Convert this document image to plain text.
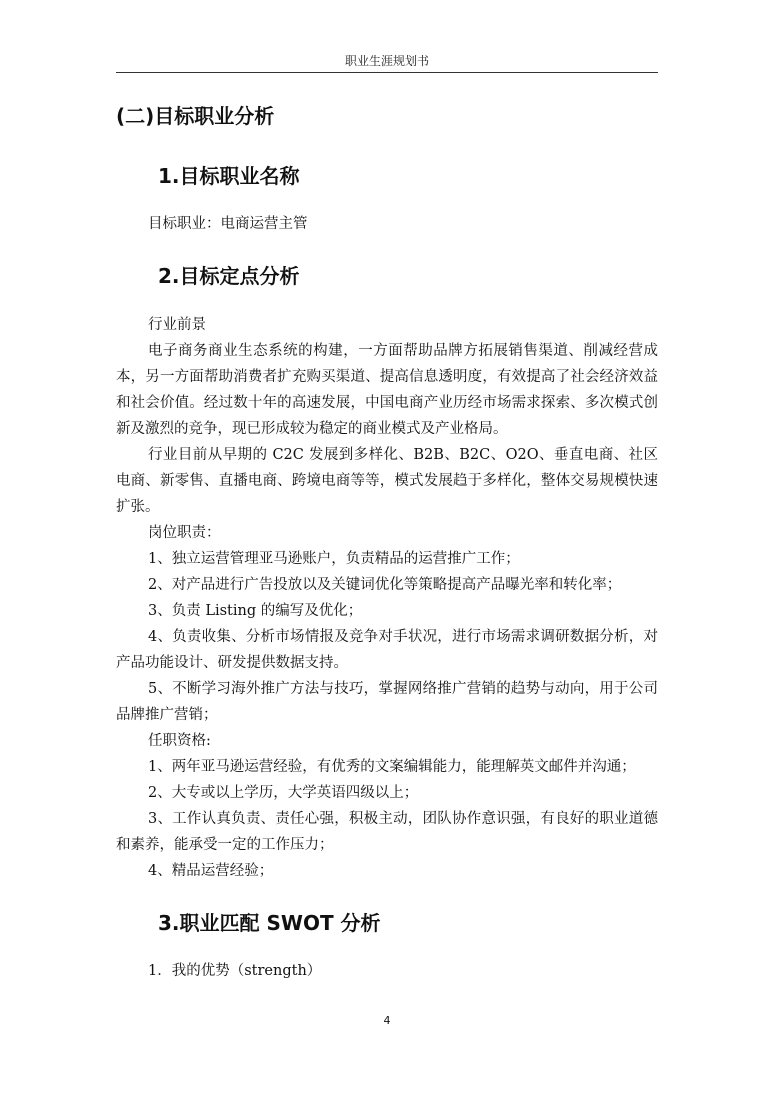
职业生涯规划书
(二)目标职业分析
1.目标职业名称

目标职业：电商运营主管

2.目标定点分析

行业前景

电子商务商业生态系统的构建，一方面帮助品牌方拓展销售渠道、削减经营成本，另一方面帮助消费者扩充购买渠道、提高信息透明度，有效提高了社会经济效益和社会价值。经过数十年的高速发展，中国电商产业历经市场需求探索、多次模式创新及激烈的竞争，现已形成较为稳定的商业模式及产业格局。

行业目前从早期的 C2C 发展到多样化、B2B、B2C、O2O、垂直电商、社区电商、新零售、直播电商、跨境电商等等，模式发展趋于多样化，整体交易规模快速扩张。

岗位职责：

1、独立运营管理亚马逊账户，负责精品的运营推广工作；

2、对产品进行广告投放以及关键词优化等策略提高产品曝光率和转化率；

3、负责 Listing 的编写及优化；

4、负责收集、分析市场情报及竞争对手状况，进行市场需求调研数据分析，对产品功能设计、研发提供数据支持。

5、不断学习海外推广方法与技巧，掌握网络推广营销的趋势与动向，用于公司品牌推广营销；

任职资格:

1、两年亚马逊运营经验，有优秀的文案编辑能力，能理解英文邮件并沟通；

2、大专或以上学历，大学英语四级以上；

3、工作认真负责、责任心强，积极主动，团队协作意识强，有良好的职业道德和素养，能承受一定的工作压力；

4、精品运营经验；

3.职业匹配 SWOT 分析

1．我的优势（strength）

4
